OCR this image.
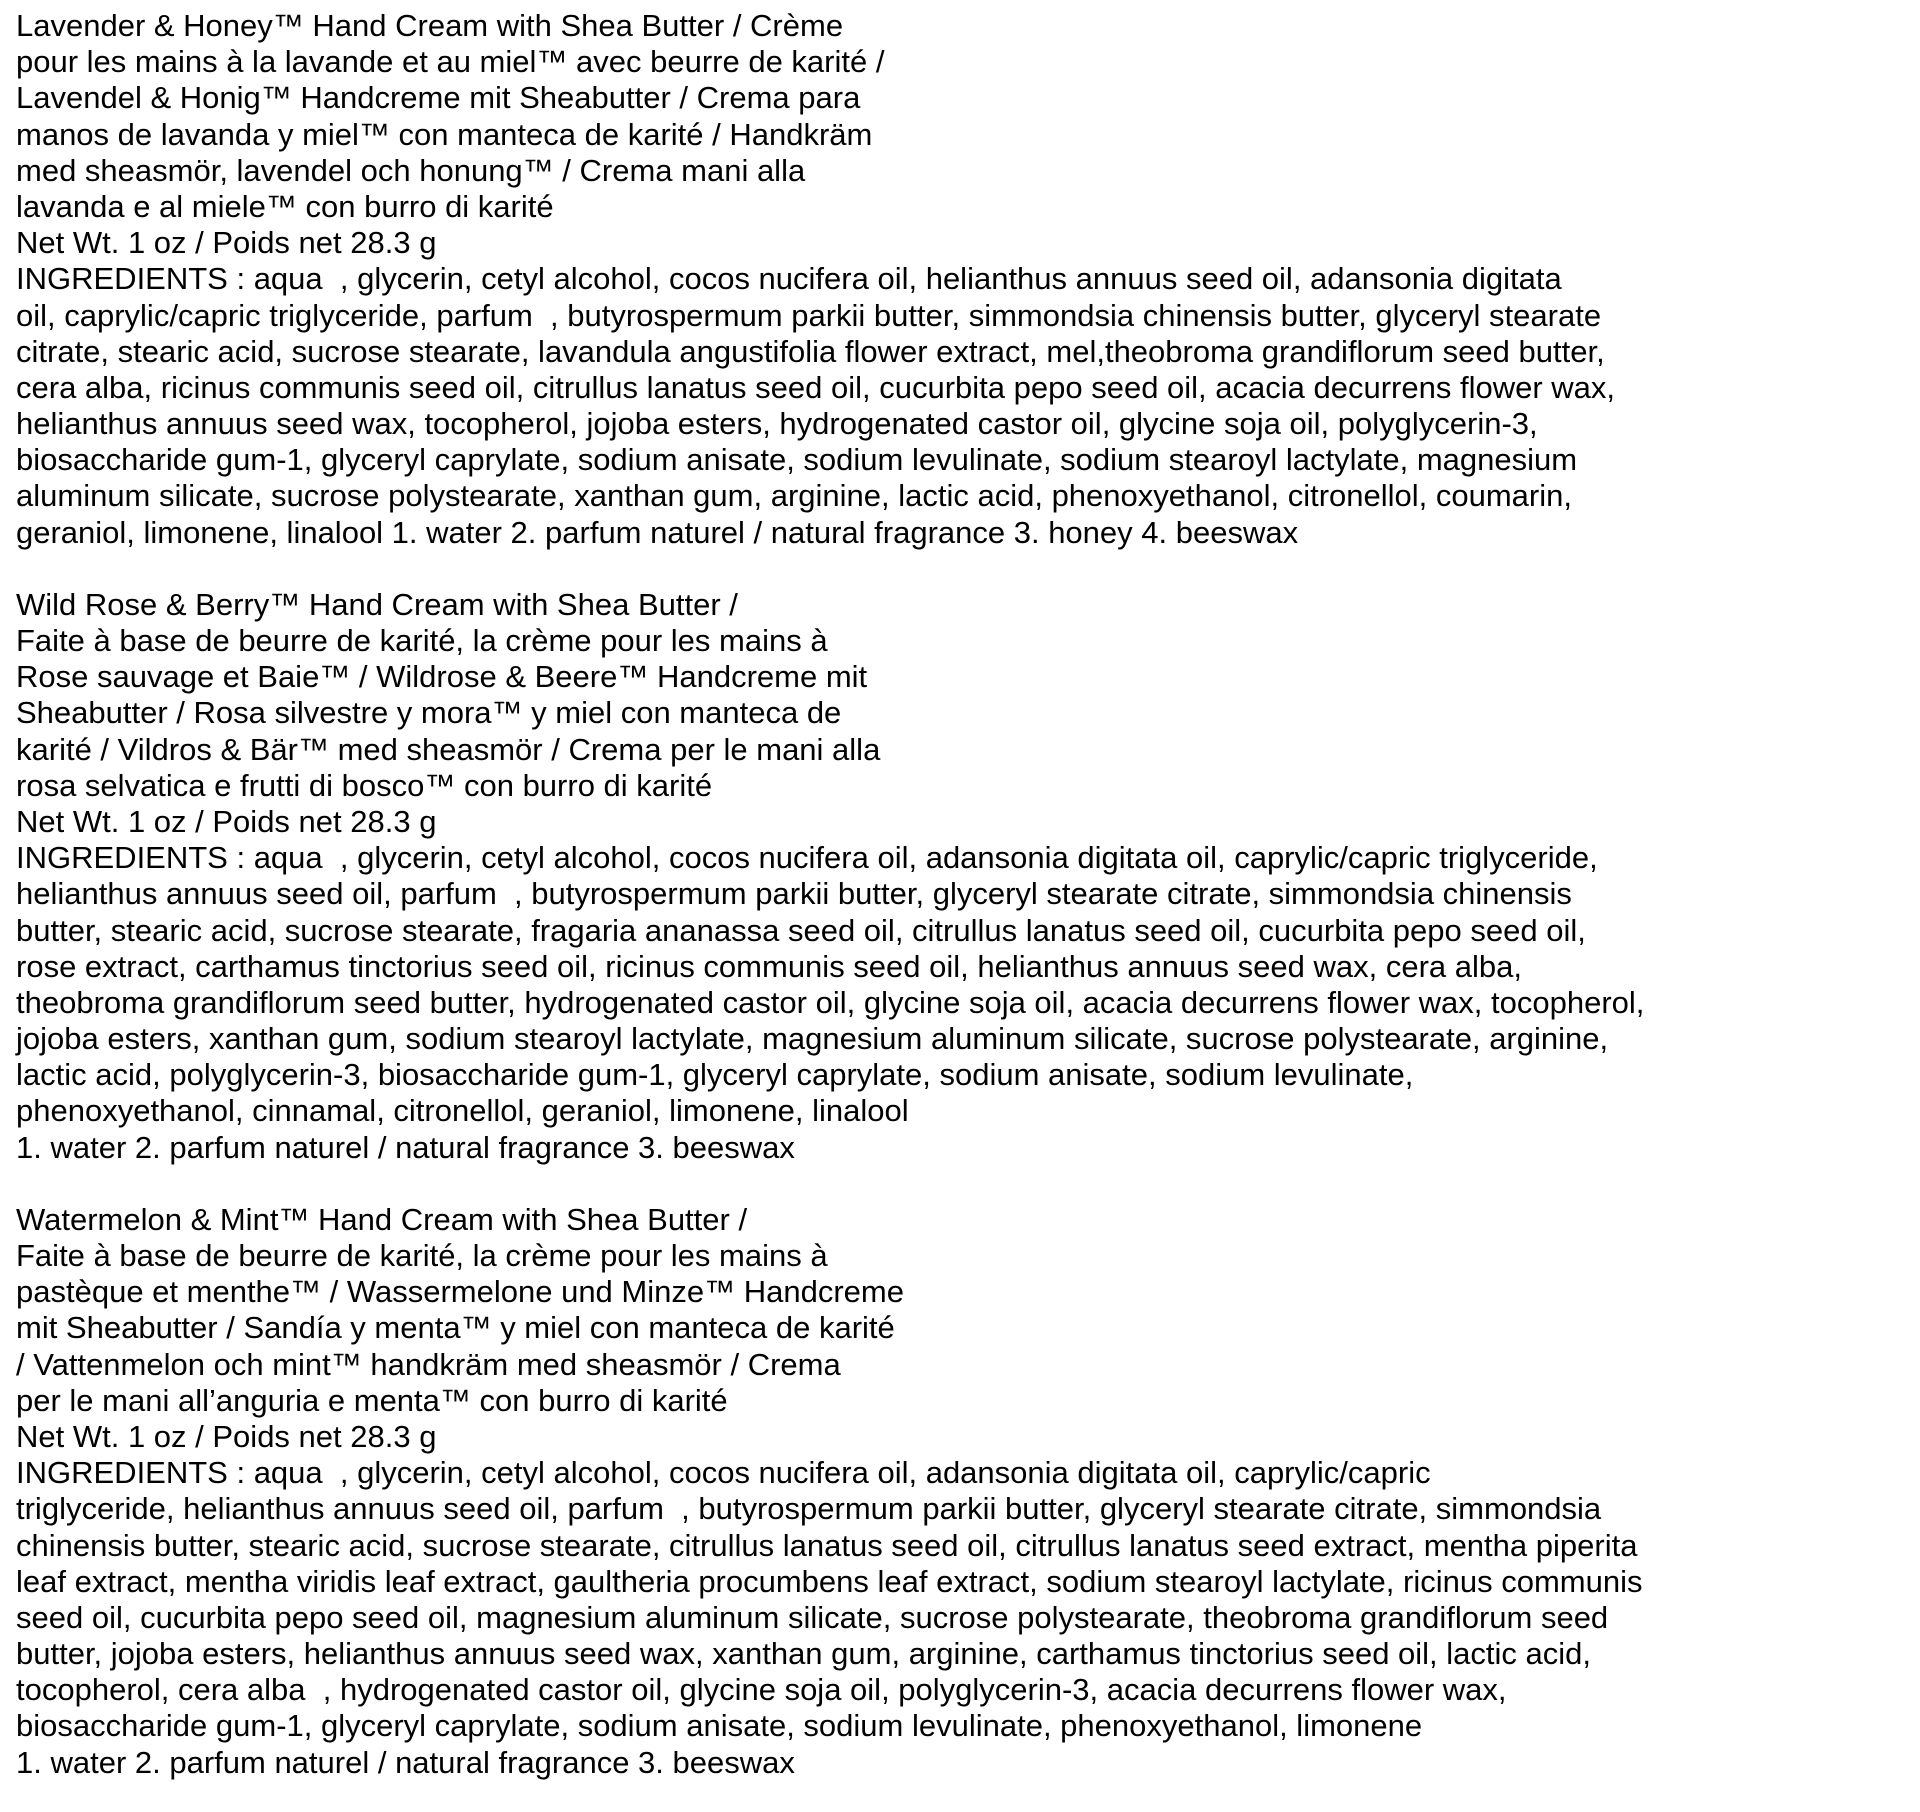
Lavender & Honey™ Hand Cream with Shea Butter / Crème
pour les mains à la lavande et au miel™ avec beurre de karité /
Lavendel & Honig™ Handcreme mit Sheabutter / Crema para
manos de lavanda y miel™ con manteca de karité / Handkräm
med sheasmör, lavendel och honung™ / Crema mani alla
lavanda e al miele™ con burro di karité
Net Wt. 1 oz / Poids net 28.3 g
INGREDIENTS : aqua  , glycerin, cetyl alcohol, cocos nucifera oil, helianthus annuus seed oil, adansonia digitata
oil, caprylic/capric triglyceride, parfum  , butyrospermum parkii butter, simmondsia chinensis butter, glyceryl stearate
citrate, stearic acid, sucrose stearate, lavandula angustifolia flower extract, mel,theobroma grandiflorum seed butter,
cera alba, ricinus communis seed oil, citrullus lanatus seed oil, cucurbita pepo seed oil, acacia decurrens flower wax,
helianthus annuus seed wax, tocopherol, jojoba esters, hydrogenated castor oil, glycine soja oil, polyglycerin-3,
biosaccharide gum-1, glyceryl caprylate, sodium anisate, sodium levulinate, sodium stearoyl lactylate, magnesium
aluminum silicate, sucrose polystearate, xanthan gum, arginine, lactic acid, phenoxyethanol, citronellol, coumarin,
geraniol, limonene, linalool 1. water 2. parfum naturel / natural fragrance 3. honey 4. beeswax
Wild Rose & Berry™ Hand Cream with Shea Butter /
Faite à base de beurre de karité, la crème pour les mains à
Rose sauvage et Baie™ / Wildrose & Beere™ Handcreme mit
Sheabutter / Rosa silvestre y mora™ y miel con manteca de
karité / Vildros & Bär™ med sheasmör / Crema per le mani alla
rosa selvatica e frutti di bosco™ con burro di karité
Net Wt. 1 oz / Poids net 28.3 g
INGREDIENTS : aqua  , glycerin, cetyl alcohol, cocos nucifera oil, adansonia digitata oil, caprylic/capric triglyceride,
helianthus annuus seed oil, parfum  , butyrospermum parkii butter, glyceryl stearate citrate, simmondsia chinensis
butter, stearic acid, sucrose stearate, fragaria ananassa seed oil, citrullus lanatus seed oil, cucurbita pepo seed oil,
rose extract, carthamus tinctorius seed oil, ricinus communis seed oil, helianthus annuus seed wax, cera alba,
theobroma grandiflorum seed butter, hydrogenated castor oil, glycine soja oil, acacia decurrens flower wax, tocopherol,
jojoba esters, xanthan gum, sodium stearoyl lactylate, magnesium aluminum silicate, sucrose polystearate, arginine,
lactic acid, polyglycerin-3, biosaccharide gum-1, glyceryl caprylate, sodium anisate, sodium levulinate,
phenoxyethanol, cinnamal, citronellol, geraniol, limonene, linalool
1. water 2. parfum naturel / natural fragrance 3. beeswax
Watermelon & Mint™ Hand Cream with Shea Butter /
Faite à base de beurre de karité, la crème pour les mains à
pastèque et menthe™ / Wassermelone und Minze™ Handcreme
mit Sheabutter / Sandía y menta™ y miel con manteca de karité
/ Vattenmelon och mint™ handkräm med sheasmör / Crema
per le mani all’anguria e menta™ con burro di karité
Net Wt. 1 oz / Poids net 28.3 g
INGREDIENTS : aqua  , glycerin, cetyl alcohol, cocos nucifera oil, adansonia digitata oil, caprylic/capric
triglyceride, helianthus annuus seed oil, parfum  , butyrospermum parkii butter, glyceryl stearate citrate, simmondsia
chinensis butter, stearic acid, sucrose stearate, citrullus lanatus seed oil, citrullus lanatus seed extract, mentha piperita
leaf extract, mentha viridis leaf extract, gaultheria procumbens leaf extract, sodium stearoyl lactylate, ricinus communis
seed oil, cucurbita pepo seed oil, magnesium aluminum silicate, sucrose polystearate, theobroma grandiflorum seed
butter, jojoba esters, helianthus annuus seed wax, xanthan gum, arginine, carthamus tinctorius seed oil, lactic acid,
tocopherol, cera alba  , hydrogenated castor oil, glycine soja oil, polyglycerin-3, acacia decurrens flower wax,
biosaccharide gum-1, glyceryl caprylate, sodium anisate, sodium levulinate, phenoxyethanol, limonene
1. water 2. parfum naturel / natural fragrance 3. beeswax
